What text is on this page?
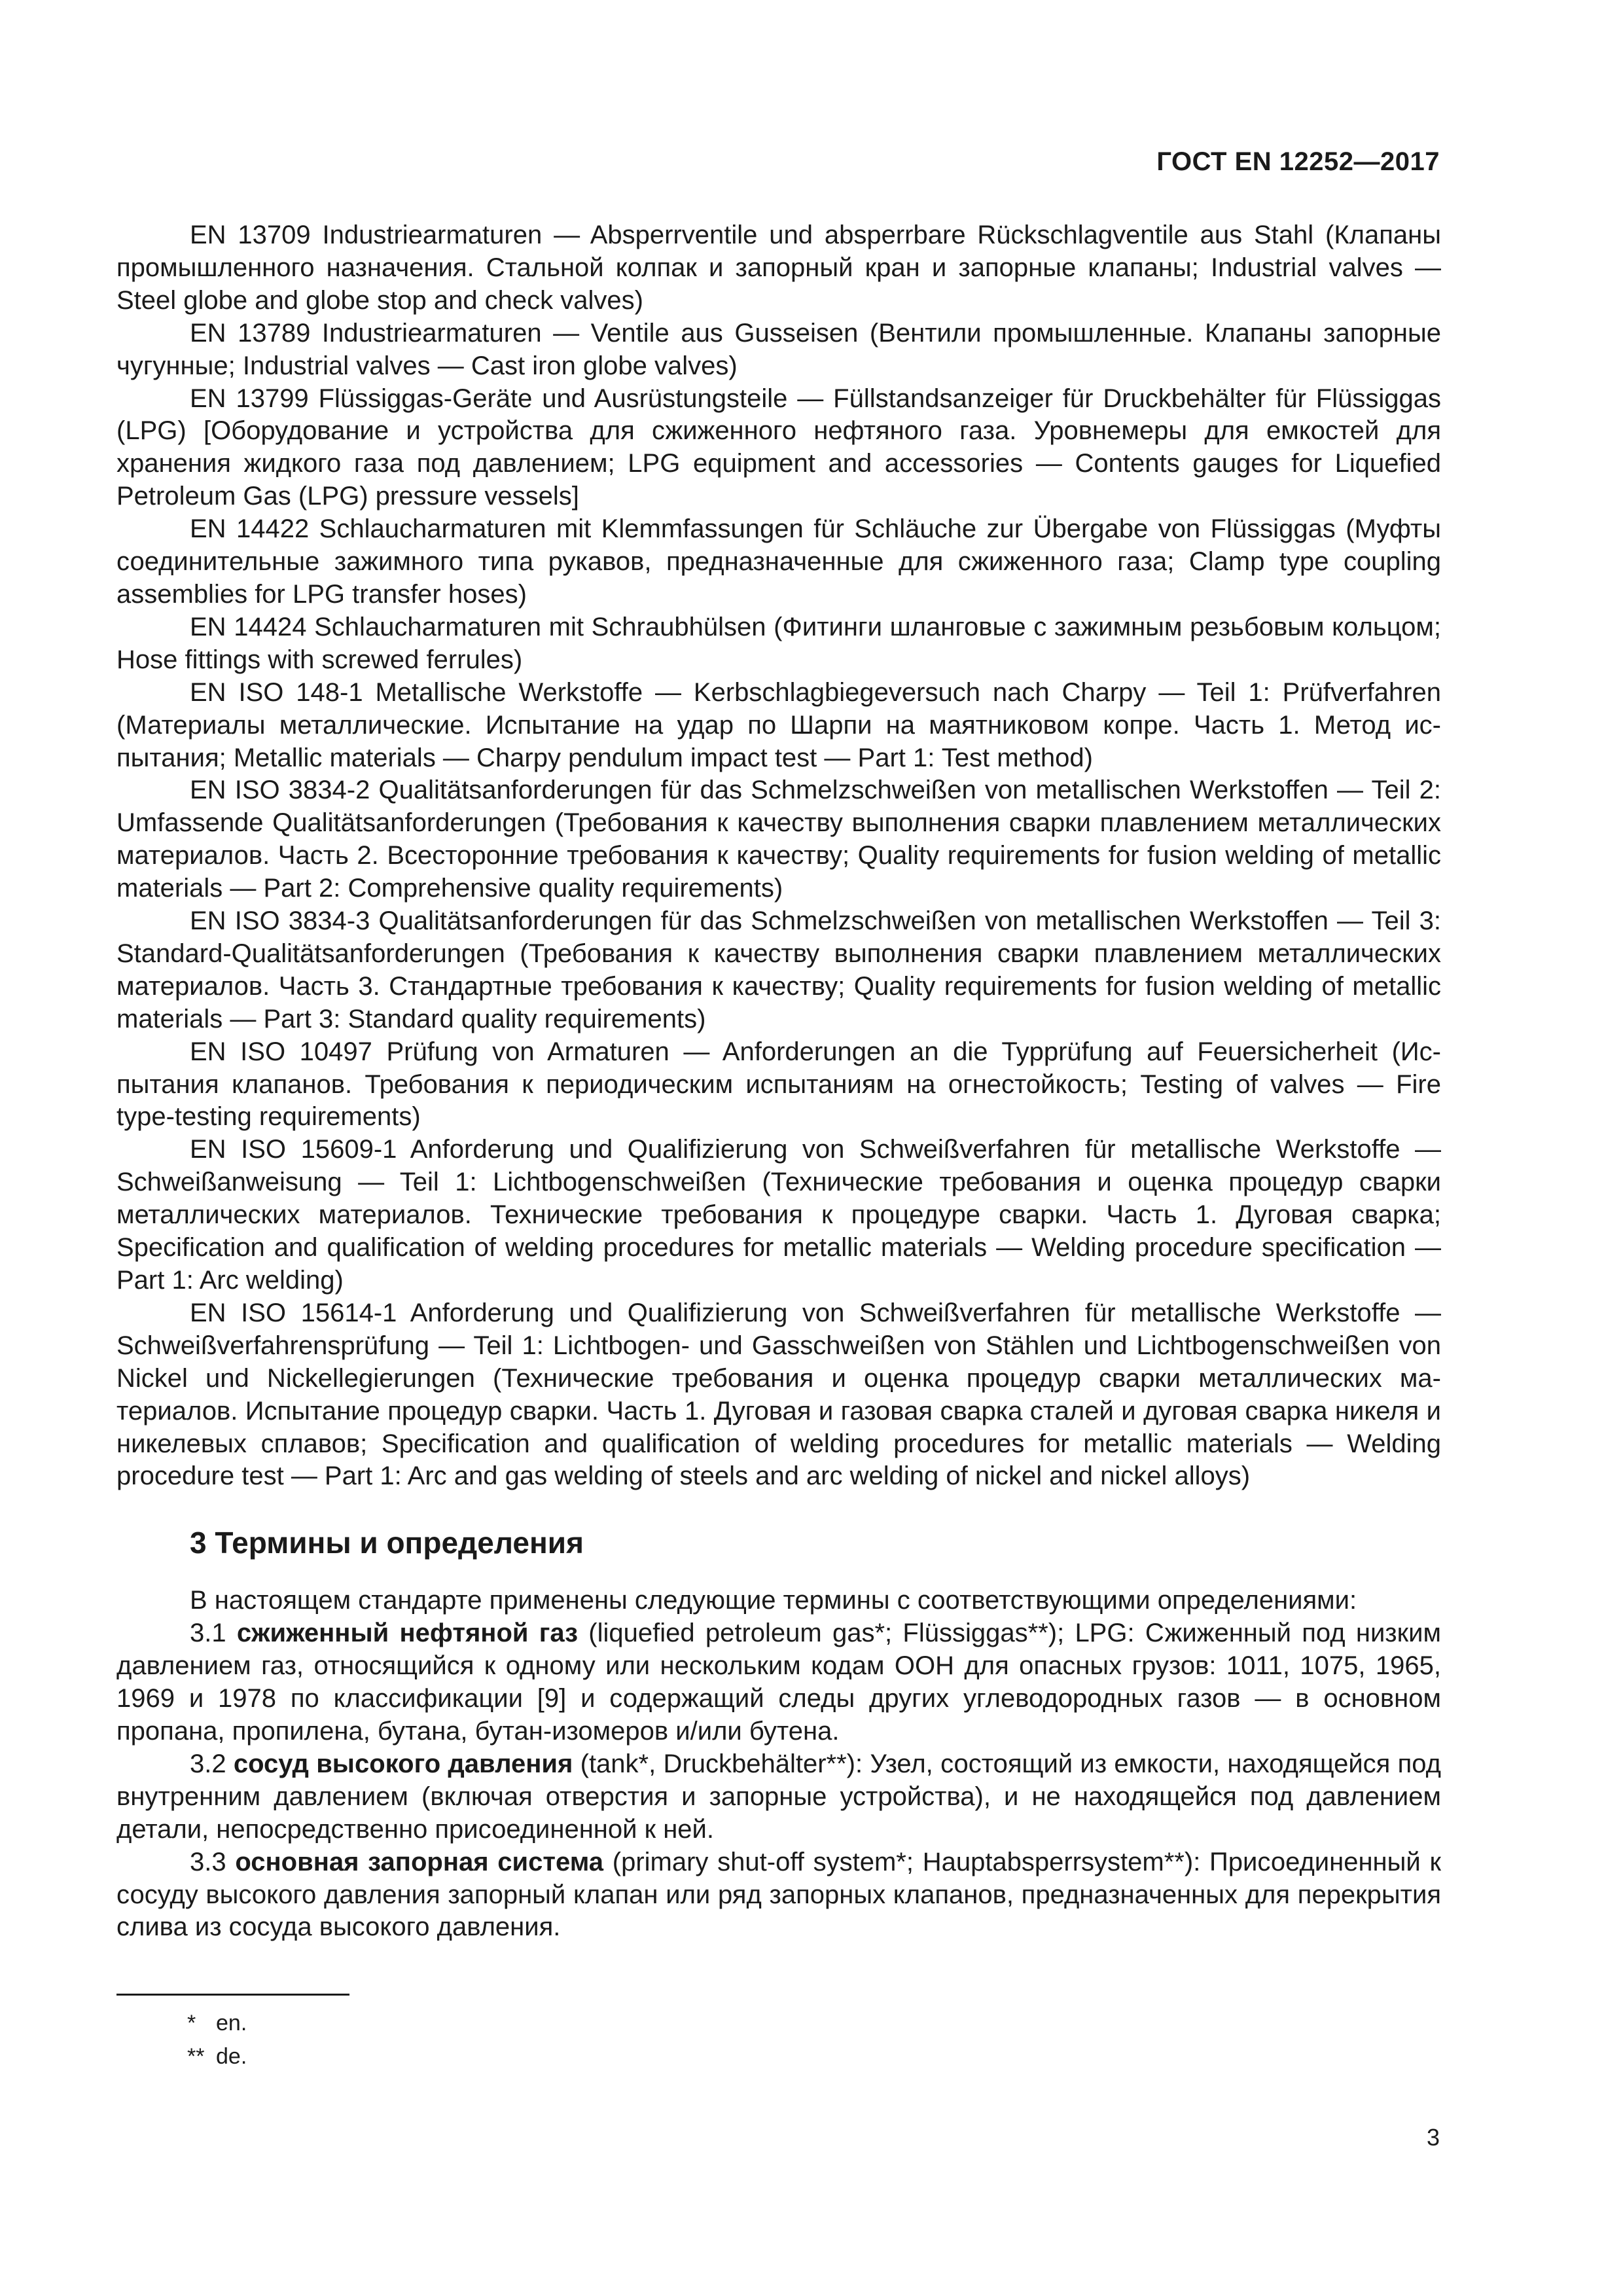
ГОСТ EN 12252—2017

EN 13709 Industriearmaturen — Absperrventile und absperrbare Rückschlagventile aus Stahl (Клапаны промышленного назначения. Стальной колпак и запорный кран и запорные клапаны; Industrial valves — Steel globe and globe stop and check valves)

EN 13789 Industriearmaturen — Ventile aus Gusseisen (Вентили промышленные. Клапаны запорные чугунные; Industrial valves — Cast iron globe valves)

EN 13799 Flüssiggas-Geräte und Ausrüstungsteile — Füllstandsanzeiger für Druckbehälter für Flüssiggas (LPG) [Оборудование и устройства для сжиженного нефтяного газа. Уровнемеры для емкостей для хранения жидкого газа под давлением; LPG equipment and accessories — Contents gauges for Liquefied Petroleum Gas (LPG) pressure vessels]

EN 14422 Schlaucharmaturen mit Klemmfassungen für Schläuche zur Übergabe von Flüssiggas (Муфты соединительные зажимного типа рукавов, предназначенные для сжиженного газа; Clamp type coupling assemblies for LPG transfer hoses)

EN 14424 Schlaucharmaturen mit Schraubhülsen (Фитинги шланговые с зажимным резьбовым кольцом; Hose fittings with screwed ferrules)

EN ISO 148-1 Metallische Werkstoffe — Kerbschlagbiegeversuch nach Charpy — Teil 1: Prüfverfahren (Материалы металлические. Испытание на удар по Шарпи на маятниковом копре. Часть 1. Метод испытания; Metallic materials — Charpy pendulum impact test — Part 1: Test method)

EN ISO 3834-2 Qualitätsanforderungen für das Schmelzschweißen von metallischen Werkstoffen — Teil 2: Umfassende Qualitätsanforderungen (Требования к качеству выполнения сварки плавлением металлических материалов. Часть 2. Всесторонние требования к качеству; Quality requirements for fusion welding of metallic materials — Part 2: Comprehensive quality requirements)

EN ISO 3834-3 Qualitätsanforderungen für das Schmelzschweißen von metallischen Werkstoffen — Teil 3: Standard-Qualitätsanforderungen (Требования к качеству выполнения сварки плавлением металлических материалов. Часть 3. Стандартные требования к качеству; Quality requirements for fusion welding of metallic materials — Part 3: Standard quality requirements)

EN ISO 10497 Prüfung von Armaturen — Anforderungen an die Typprüfung auf Feuersicherheit (Испытания клапанов. Требования к периодическим испытаниям на огнестойкость; Testing of valves — Fire type-testing requirements)

EN ISO 15609-1 Anforderung und Qualifizierung von Schweißverfahren für metallische Werkstoffe — Schweißanweisung — Teil 1: Lichtbogenschweißen (Технические требования и оценка процедур сварки металлических материалов. Технические требования к процедуре сварки. Часть 1. Дуговая сварка; Specification and qualification of welding procedures for metallic materials — Welding procedure specification — Part 1: Arc welding)

EN ISO 15614-1 Anforderung und Qualifizierung von Schweißverfahren für metallische Werkstoffe — Schweißverfahrensprüfung — Teil 1: Lichtbogen- und Gasschweißen von Stählen und Lichtbogenschweißen von Nickel und Nickellegierungen (Технические требования и оценка процедур сварки металлических материалов. Испытание процедур сварки. Часть 1. Дуговая и газовая сварка сталей и дуговая сварка никеля и никелевых сплавов; Specification and qualification of welding procedures for metallic materials — Welding procedure test — Part 1: Arc and gas welding of steels and arc welding of nickel and nickel alloys)

3 Термины и определения

В настоящем стандарте применены следующие термины с соответствующими определениями:

3.1 сжиженный нефтяной газ (liquefied petroleum gas*; Flüssiggas**); LPG: Сжиженный под низким давлением газ, относящийся к одному или нескольким кодам ООН для опасных грузов: 1011, 1075, 1965, 1969 и 1978 по классификации [9] и содержащий следы других углеводородных газов — в основном пропана, пропилена, бутана, бутан-изомеров и/или бутена.

3.2 сосуд высокого давления (tank*, Druckbehälter**): Узел, состоящий из емкости, находящейся под внутренним давлением (включая отверстия и запорные устройства), и не находящейся под давлением детали, непосредственно присоединенной к ней.

3.3 основная запорная система (primary shut-off system*; Hauptabsperrsystem**): Присоединенный к сосуду высокого давления запорный клапан или ряд запорных клапанов, предназначенных для перекрытия слива из сосуда высокого давления.

* en.
** de.
3
